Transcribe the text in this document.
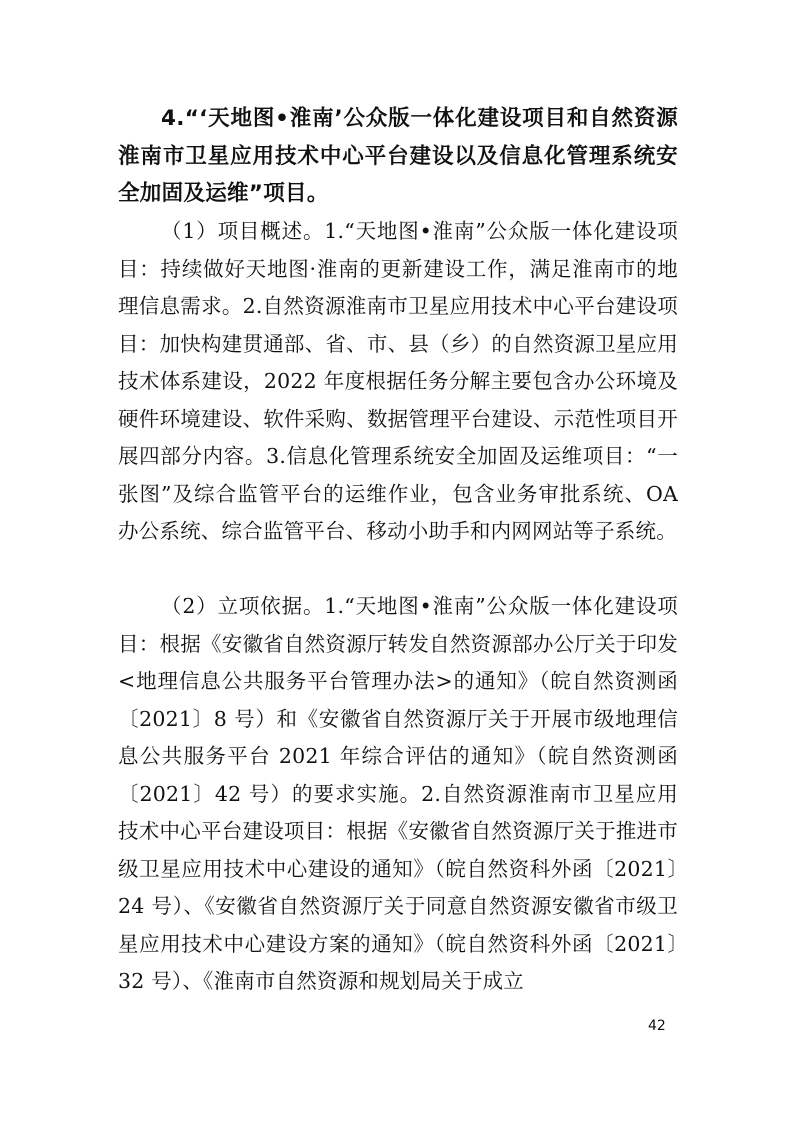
4.“‘天地图•淮南’公众版一体化建设项目和自然资源淮南市卫星应用技术中心平台建设以及信息化管理系统安全加固及运维”项目。

（1）项目概述。1.“天地图•淮南”公众版一体化建设项目：持续做好天地图·淮南的更新建设工作，满足淮南市的地理信息需求。2.自然资源淮南市卫星应用技术中心平台建设项目：加快构建贯通部、省、市、县（乡）的自然资源卫星应用技术体系建设，2022 年度根据任务分解主要包含办公环境及硬件环境建设、软件采购、数据管理平台建设、示范性项目开展四部分内容。3.信息化管理系统安全加固及运维项目：“一张图”及综合监管平台的运维作业，包含业务审批系统、OA 办公系统、综合监管平台、移动小助手和内网网站等子系统。

（2）立项依据。1.“天地图•淮南”公众版一体化建设项目：根据《安徽省自然资源厅转发自然资源部办公厅关于印发<地理信息公共服务平台管理办法>的通知》（皖自然资测函〔2021〕8 号）和《安徽省自然资源厅关于开展市级地理信息公共服务平台 2021 年综合评估的通知》（皖自然资测函〔2021〕42 号）的要求实施。2.自然资源淮南市卫星应用技术中心平台建设项目：根据《安徽省自然资源厅关于推进市级卫星应用技术中心建设的通知》（皖自然资科外函〔2021〕24 号）、《安徽省自然资源厅关于同意自然资源安徽省市级卫星应用技术中心建设方案的通知》（皖自然资科外函〔2021〕32 号）、《淮南市自然资源和规划局关于成立

42
